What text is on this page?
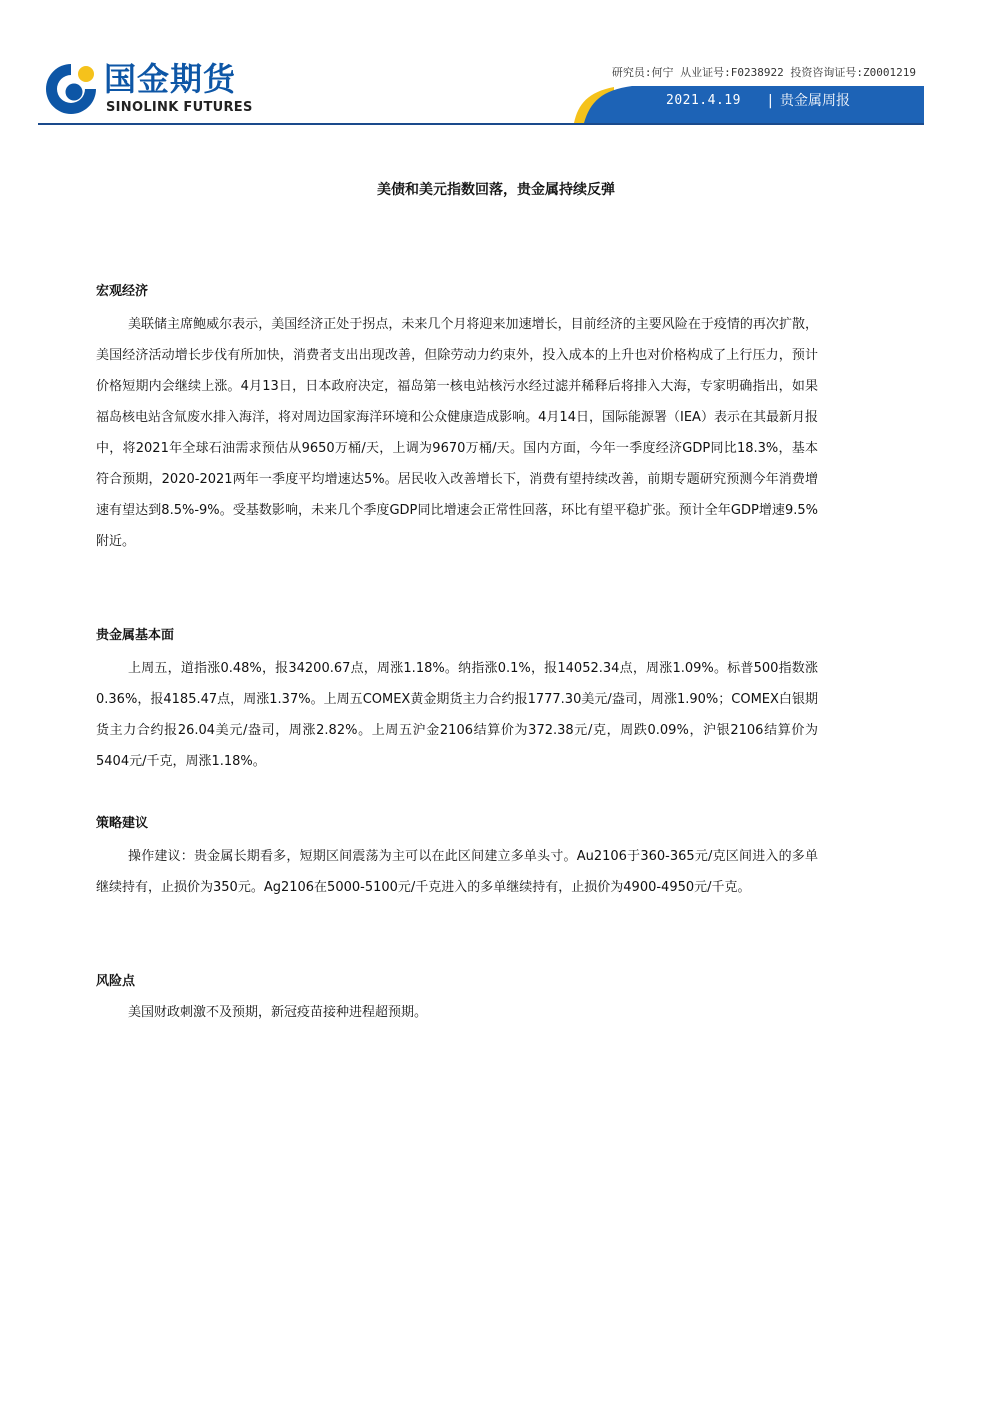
国金期货
SINOLINK FUTURES
研究员:何宁 从业证号:F0238922 投资咨询证号:Z0001219
2021.4.19 | 贵金属周报
美债和美元指数回落，贵金属持续反弹
宏观经济

美联储主席鲍威尔表示，美国经济正处于拐点，未来几个月将迎来加速增长，目前经济的主要风险在于疫情的再次扩散，美国经济活动增长步伐有所加快，消费者支出出现改善，但除劳动力约束外，投入成本的上升也对价格构成了上行压力，预计价格短期内会继续上涨。4月13日，日本政府决定，福岛第一核电站核污水经过滤并稀释后将排入大海，专家明确指出，如果福岛核电站含氚废水排入海洋，将对周边国家海洋环境和公众健康造成影响。4月14日，国际能源署（IEA）表示在其最新月报中，将2021年全球石油需求预估从9650万桶/天，上调为9670万桶/天。国内方面，今年一季度经济GDP同比18.3%，基本符合预期，2020-2021两年一季度平均增速达5%。居民收入改善增长下，消费有望持续改善，前期专题研究预测今年消费增速有望达到8.5%-9%。受基数影响，未来几个季度GDP同比增速会正常性回落，环比有望平稳扩张。预计全年GDP增速9.5%附近。

贵金属基本面

上周五，道指涨0.48%，报34200.67点，周涨1.18%。纳指涨0.1%，报14052.34点，周涨1.09%。标普500指数涨0.36%，报4185.47点，周涨1.37%。上周五COMEX黄金期货主力合约报1777.30美元/盎司，周涨1.90%；COMEX白银期货主力合约报26.04美元/盎司，周涨2.82%。上周五沪金2106结算价为372.38元/克，周跌0.09%，沪银2106结算价为5404元/千克，周涨1.18%。

策略建议

操作建议：贵金属长期看多，短期区间震荡为主可以在此区间建立多单头寸。Au2106于360-365元/克区间进入的多单继续持有，止损价为350元。Ag2106在5000-5100元/千克进入的多单继续持有，止损价为4900-4950元/千克。

风险点

美国财政刺激不及预期，新冠疫苗接种进程超预期。
